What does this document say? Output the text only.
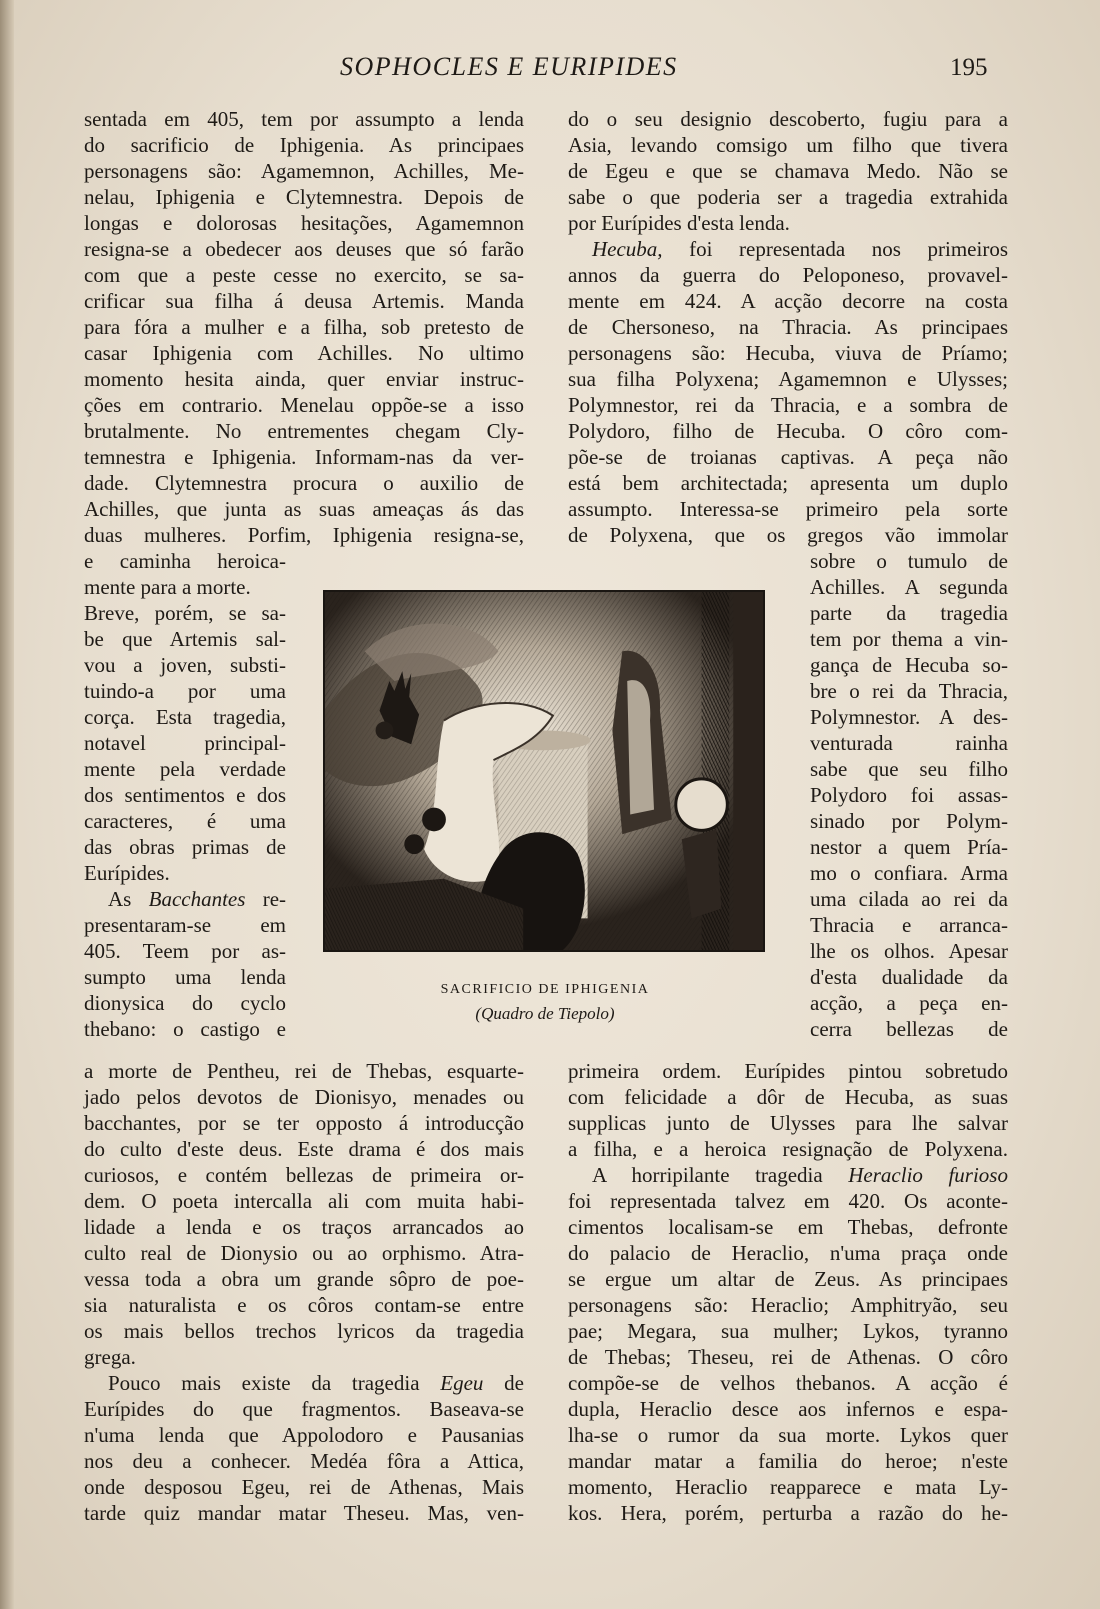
SOPHOCLES E EURIPIDES	195
sentada em 405, tem por assumpto a lenda
do sacrificio de Iphigenia. As principaes
personagens são: Agamemnon, Achilles, Me-
nelau, Iphigenia e Clytemnestra. Depois de
longas e dolorosas hesitações, Agamemnon
resigna-se a obedecer aos deuses que só farão
com que a peste cesse no exercito, se sa-
crificar sua filha á deusa Artemis. Manda
para fóra a mulher e a filha, sob pretesto de
casar Iphigenia com Achilles. No ultimo
momento hesita ainda, quer enviar instruc-
ções em contrario. Menelau oppõe-se a isso
brutalmente. No entrementes chegam Cly-
temnestra e Iphigenia. Informam-nas da ver-
dade. Clytemnestra procura o auxilio de
Achilles, que junta as suas ameaças ás das
duas mulheres. Porfim, Iphigenia resigna-se,
e caminha heroica-
mente para a morte.
Breve, porém, se sa-
be que Artemis sal-
vou a joven, substi-
tuindo-a por uma
corça. Esta tragedia,
notavel principal-
mente pela verdade
dos sentimentos e dos
caracteres, é uma
das obras primas de
Eurípides.
As Bacchantes re-
presentaram-se em
405. Teem por as-
sumpto uma lenda
dionysica do cyclo
thebano: o castigo e
a morte de Pentheu, rei de Thebas, esquarte-
jado pelos devotos de Dionisyo, menades ou
bacchantes, por se ter opposto á introducção
do culto d'este deus. Este drama é dos mais
curiosos, e contém bellezas de primeira or-
dem. O poeta intercalla ali com muita habi-
lidade a lenda e os traços arrancados ao
culto real de Dionysio ou ao orphismo. Atra-
vessa toda a obra um grande sôpro de poe-
sia naturalista e os côros contam-se entre
os mais bellos trechos lyricos da tragedia
grega.
Pouco mais existe da tragedia Egeu de
Eurípides do que fragmentos. Baseava-se
n'uma lenda que Appolodoro e Pausanias
nos deu a conhecer. Medéa fôra a Attica,
onde desposou Egeu, rei de Athenas, Mais
tarde quiz mandar matar Theseu. Mas, ven-
do o seu designio descoberto, fugiu para a
Asia, levando comsigo um filho que tivera
de Egeu e que se chamava Medo. Não se
sabe o que poderia ser a tragedia extrahida
por Eurípides d'esta lenda.
Hecuba, foi representada nos primeiros
annos da guerra do Peloponeso, provavel-
mente em 424. A acção decorre na costa
de Chersoneso, na Thracia. As principaes
personagens são: Hecuba, viuva de Príamo;
sua filha Polyxena; Agamemnon e Ulysses;
Polymnestor, rei da Thracia, e a sombra de
Polydoro, filho de Hecuba. O côro com-
põe-se de troianas captivas. A peça não
está bem architectada; apresenta um duplo
assumpto. Interessa-se primeiro pela sorte
de Polyxena, que os gregos vão immolar
sobre o tumulo de
Achilles. A segunda
parte da tragedia
tem por thema a vin-
gança de Hecuba so-
bre o rei da Thracia,
Polymnestor. A des-
venturada rainha
sabe que seu filho
Polydoro foi assas-
sinado por Polym-
nestor a quem Pría-
mo o confiara. Arma
uma cilada ao rei da
Thracia e arranca-
lhe os olhos. Apesar
d'esta dualidade da
acção, a peça en-
cerra bellezas de
primeira ordem. Eurípides pintou sobretudo
com felicidade a dôr de Hecuba, as suas
supplicas junto de Ulysses para lhe salvar
a filha, e a heroica resignação de Polyxena.
A horripilante tragedia Heraclio furioso
foi representada talvez em 420. Os aconte-
cimentos localisam-se em Thebas, defronte
do palacio de Heraclio, n'uma praça onde
se ergue um altar de Zeus. As principaes
personagens são: Heraclio; Amphitryão, seu
pae; Megara, sua mulher; Lykos, tyranno
de Thebas; Theseu, rei de Athenas. O côro
compõe-se de velhos thebanos. A acção é
dupla, Heraclio desce aos infernos e espa-
lha-se o rumor da sua morte. Lykos quer
mandar matar a familia do heroe; n'este
momento, Heraclio reapparece e mata Ly-
kos. Hera, porém, perturba a razão do he-
SACRIFICIO DE IPHIGENIA
(Quadro de Tiepolo)
